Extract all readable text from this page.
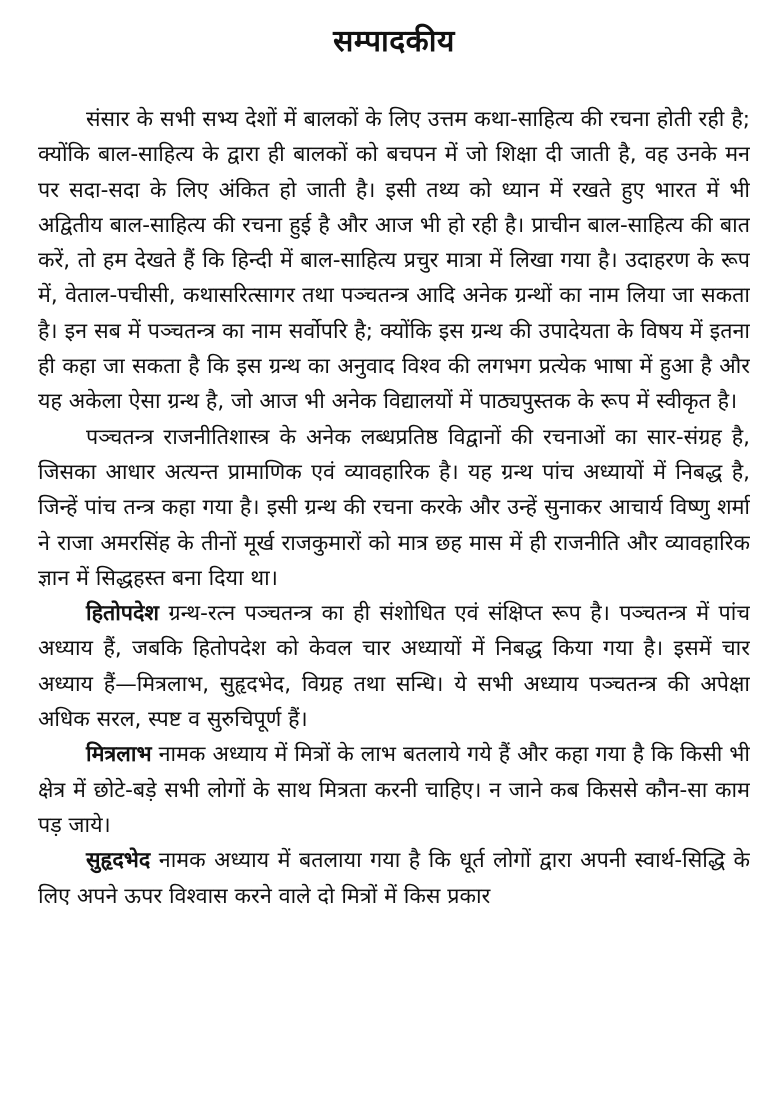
सम्पादकीय

संसार के सभी सभ्य देशों में बालकों के लिए उत्तम कथा-साहित्य की रचना होती रही है; क्योंकि बाल-साहित्य के द्वारा ही बालकों को बचपन में जो शिक्षा दी जाती है, वह उनके मन पर सदा-सदा के लिए अंकित हो जाती है। इसी तथ्य को ध्यान में रखते हुए भारत में भी अद्वितीय बाल-साहित्य की रचना हुई है और आज भी हो रही है। प्राचीन बाल-साहित्य की बात करें, तो हम देखते हैं कि हिन्दी में बाल-साहित्य प्रचुर मात्रा में लिखा गया है। उदाहरण के रूप में, वेताल-पचीसी, कथासरित्सागर तथा पञ्चतन्त्र आदि अनेक ग्रन्थों का नाम लिया जा सकता है। इन सब में पञ्चतन्त्र का नाम सर्वोपरि है; क्योंकि इस ग्रन्थ की उपादेयता के विषय में इतना ही कहा जा सकता है कि इस ग्रन्थ का अनुवाद विश्व की लगभग प्रत्येक भाषा में हुआ है और यह अकेला ऐसा ग्रन्थ है, जो आज भी अनेक विद्यालयों में पाठ्यपुस्तक के रूप में स्वीकृत है।

पञ्चतन्त्र राजनीतिशास्त्र के अनेक लब्धप्रतिष्ठ विद्वानों की रचनाओं का सार-संग्रह है, जिसका आधार अत्यन्त प्रामाणिक एवं व्यावहारिक है। यह ग्रन्थ पांच अध्यायों में निबद्ध है, जिन्हें पांच तन्त्र कहा गया है। इसी ग्रन्थ की रचना करके और उन्हें सुनाकर आचार्य विष्णु शर्मा ने राजा अमरसिंह के तीनों मूर्ख राजकुमारों को मात्र छह मास में ही राजनीति और व्यावहारिक ज्ञान में सिद्धहस्त बना दिया था।

हितोपदेश ग्रन्थ-रत्न पञ्चतन्त्र का ही संशोधित एवं संक्षिप्त रूप है। पञ्चतन्त्र में पांच अध्याय हैं, जबकि हितोपदेश को केवल चार अध्यायों में निबद्ध किया गया है। इसमें चार अध्याय हैं—मित्रलाभ, सुहृदभेद, विग्रह तथा सन्धि। ये सभी अध्याय पञ्चतन्त्र की अपेक्षा अधिक सरल, स्पष्ट व सुरुचिपूर्ण हैं।

मित्रलाभ नामक अध्याय में मित्रों के लाभ बतलाये गये हैं और कहा गया है कि किसी भी क्षेत्र में छोटे-बड़े सभी लोगों के साथ मित्रता करनी चाहिए। न जाने कब किससे कौन-सा काम पड़ जाये।

सुहृदभेद नामक अध्याय में बतलाया गया है कि धूर्त लोगों द्वारा अपनी स्वार्थ-सिद्धि के लिए अपने ऊपर विश्वास करने वाले दो मित्रों में किस प्रकार
